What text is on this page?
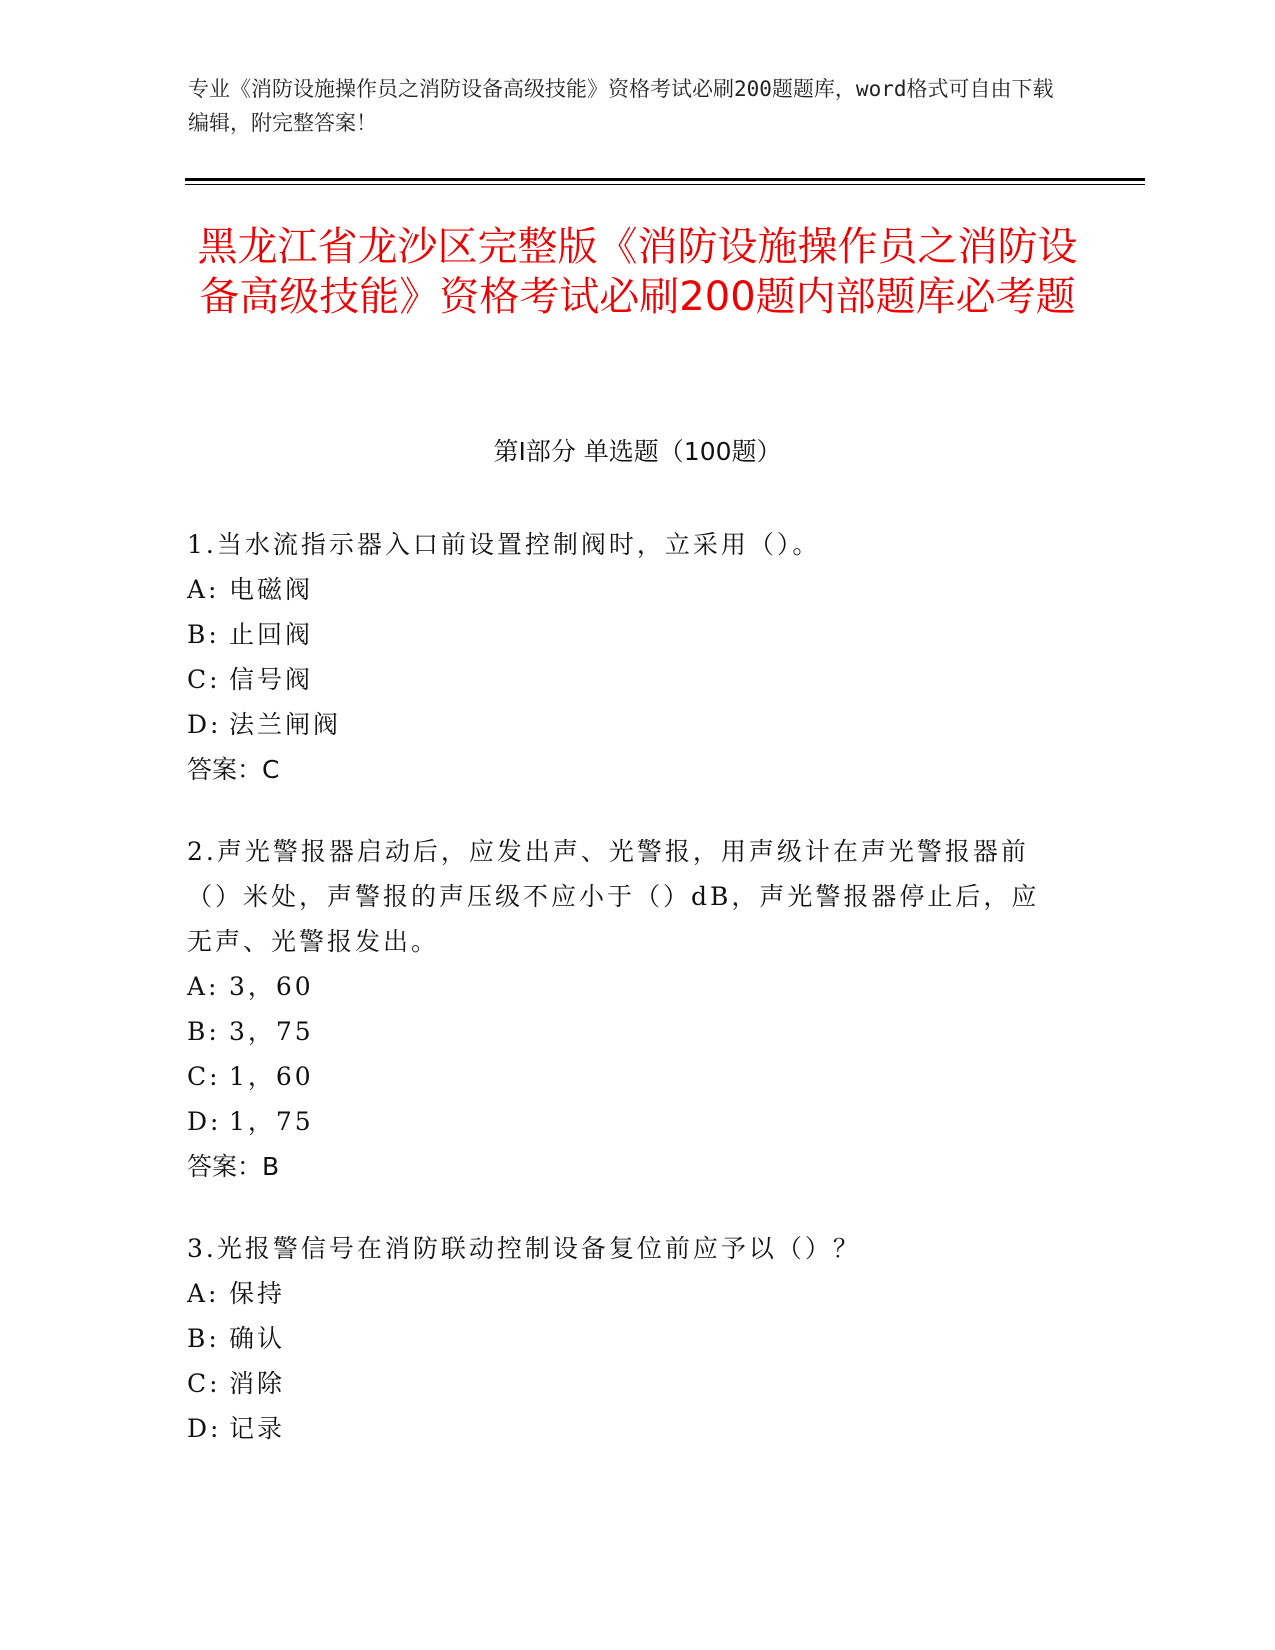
专业《消防设施操作员之消防设备高级技能》资格考试必刷200题题库，word格式可自由下载编辑，附完整答案！
黑龙江省龙沙区完整版《消防设施操作员之消防设备高级技能》资格考试必刷200题内部题库必考题
第Ⅰ部分 单选题（100题）

1.当水流指示器入口前设置控制阀时，立采用（）。

A: 电磁阀

B: 止回阀

C: 信号阀

D: 法兰闸阀

答案：C

2.声光警报器启动后，应发出声、光警报，用声级计在声光警报器前（）米处，声警报的声压级不应小于（）dB，声光警报器停止后，应无声、光警报发出。

A: 3，60

B: 3，75

C: 1，60

D: 1，75

答案：B

3.光报警信号在消防联动控制设备复位前应予以（）？

A: 保持

B: 确认

C: 消除

D: 记录
